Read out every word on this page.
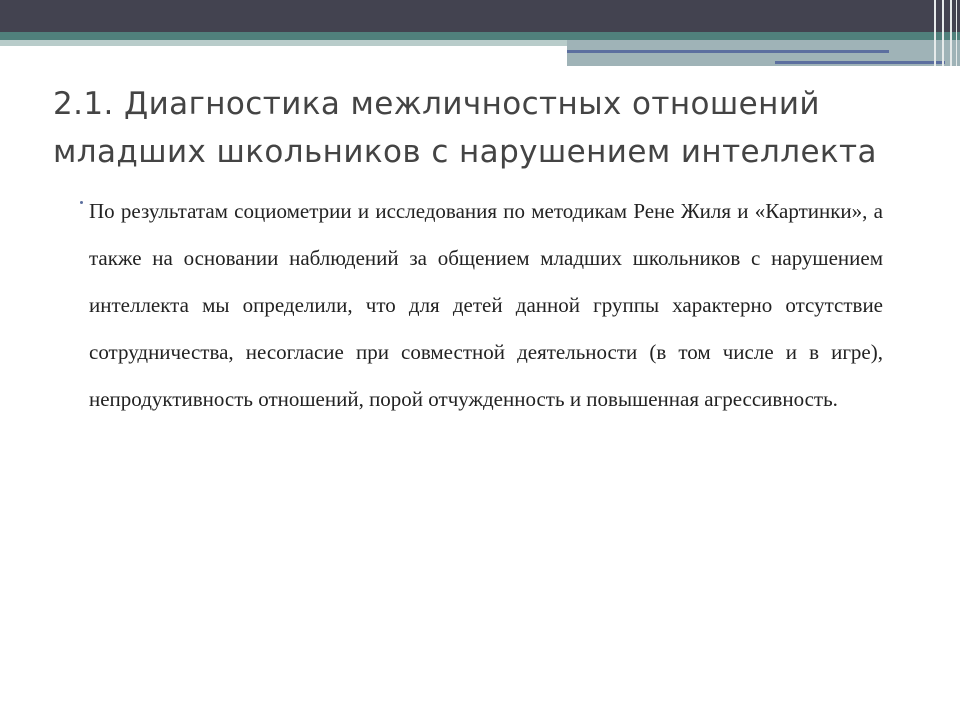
2.1. Диагностика межличностных отношений младших школьников с нарушением интеллекта

По результатам социометрии и исследования по методикам Рене Жиля и «Картинки», а также на основании наблюдений за общением младших школьников с нарушением интеллекта мы определили, что для детей данной группы характерно отсутствие сотрудничества, несогласие при совместной деятельности (в том числе и в игре), непродуктивность отношений, порой отчужденность и повышенная агрессивность.
